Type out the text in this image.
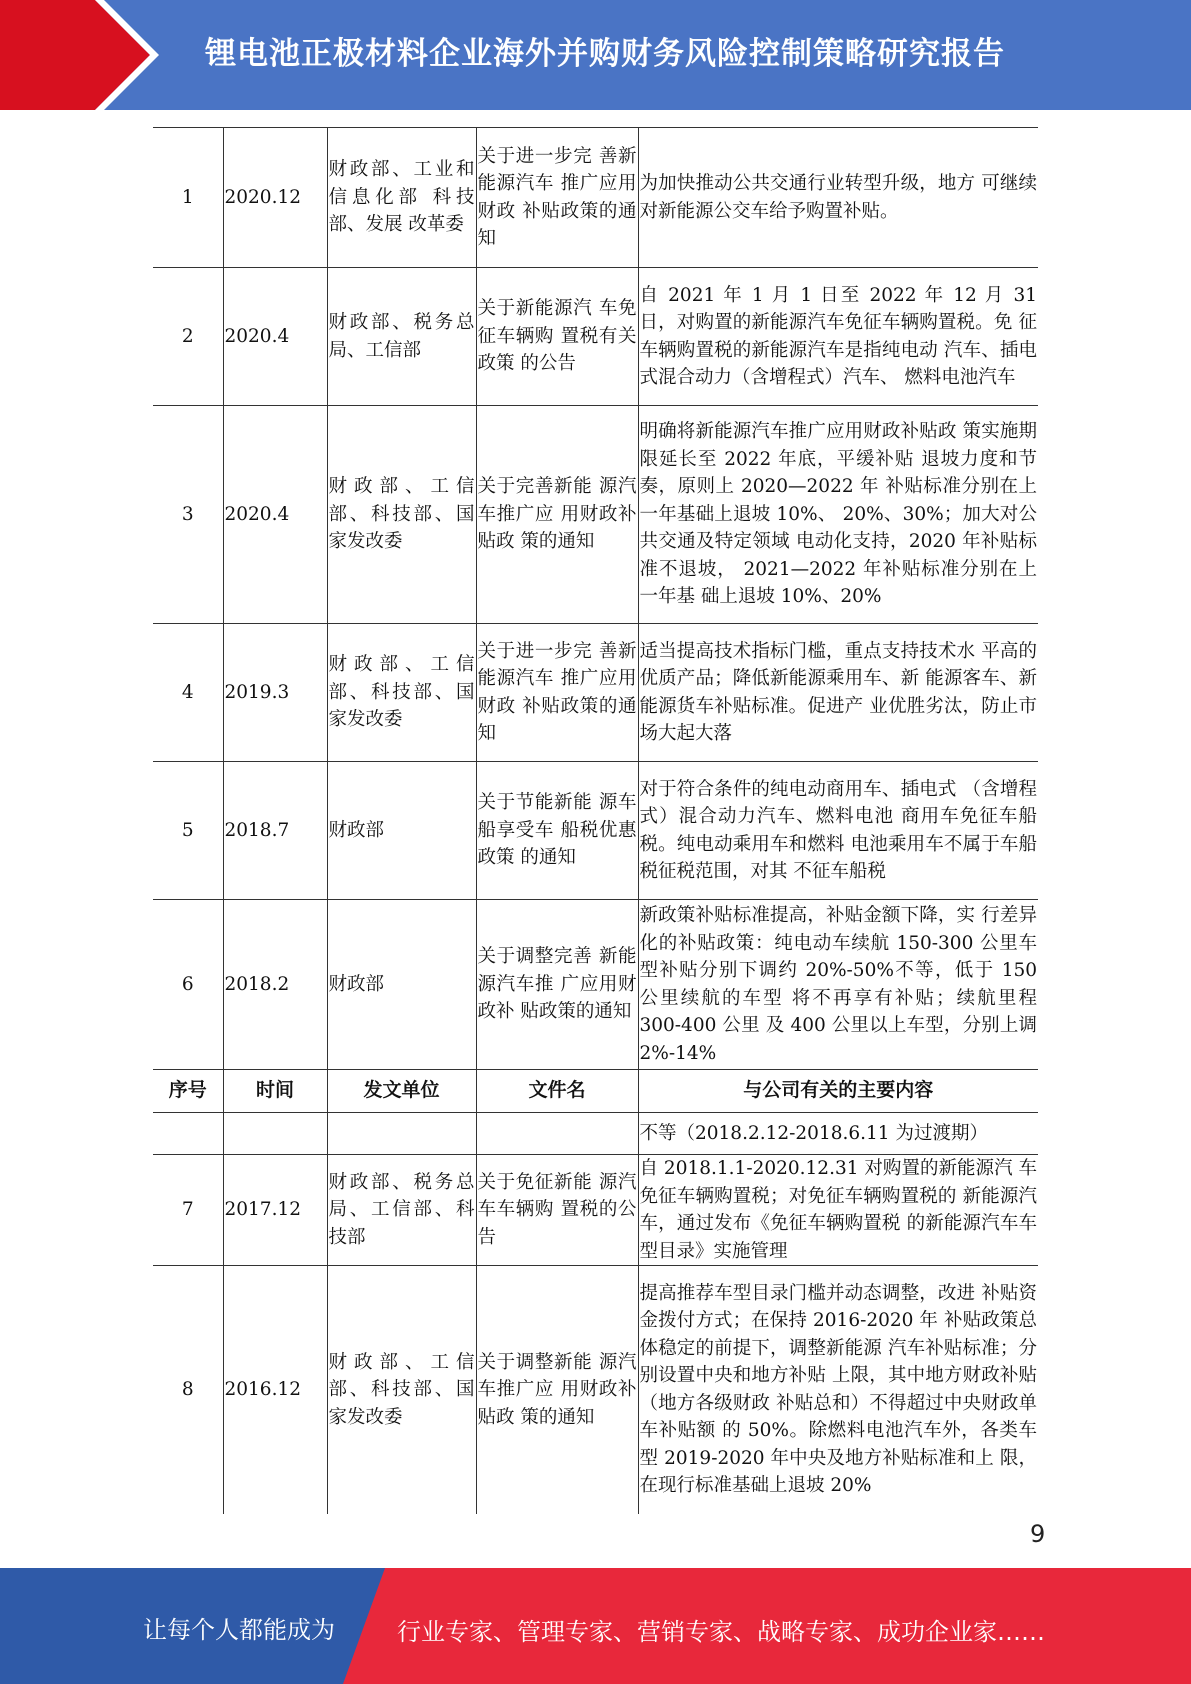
锂电池正极材料企业海外并购财务风险控制策略研究报告
1	2020.12	财政部、工业和信息化部 科技部、发展 改革委	关于进一步完 善新能源汽车 推广应用财政 补贴政策的通 知	为加快推动公共交通行业转型升级，地方 可继续对新能源公交车给予购置补贴。
2	2020.4	财政部、税务总局、工信部	关于新能源汽 车免征车辆购 置税有关政策 的公告	自 2021 年 1 月 1 日至 2022 年 12 月 31 日，对购置的新能源汽车免征车辆购置税。免 征车辆购置税的新能源汽车是指纯电动 汽车、插电式混合动力（含增程式）汽车、 燃料电池汽车
3	2020.4	财政部、工信部、科技部、国家发改委	关于完善新能 源汽车推广应 用财政补贴政 策的通知	明确将新能源汽车推广应用财政补贴政 策实施期限延长至 2022 年底，平缓补贴 退坡力度和节奏，原则上 2020—2022 年 补贴标准分别在上一年基础上退坡 10%、 20%、30%；加大对公共交通及特定领域 电动化支持，2020 年补贴标准不退坡， 2021—2022 年补贴标准分别在上一年基 础上退坡 10%、20%
4	2019.3	财政部、工信部、科技部、国家发改委	关于进一步完 善新能源汽车 推广应用财政 补贴政策的通 知	适当提高技术指标门槛，重点支持技术水 平高的优质产品；降低新能源乘用车、新 能源客车、新能源货车补贴标准。促进产 业优胜劣汰，防止市场大起大落
5	2018.7	财政部	关于节能新能 源车船享受车 船税优惠政策 的通知	对于符合条件的纯电动商用车、插电式 （含增程式）混合动力汽车、燃料电池 商用车免征车船税。纯电动乘用车和燃料 电池乘用车不属于车船税征税范围，对其 不征车船税
6	2018.2	财政部	关于调整完善 新能源汽车推 广应用财政补 贴政策的通知	新政策补贴标准提高，补贴金额下降，实 行差异化的补贴政策：纯电动车续航 150-300 公里车型补贴分别下调约 20%-50%不等，低于 150 公里续航的车型 将不再享有补贴；续航里程 300-400 公里 及 400 公里以上车型，分别上调 2%-14%
序号	时间	发文单位	文件名	与公司有关的主要内容
				不等（2018.2.12-2018.6.11 为过渡期）
7	2017.12	财政部、税务总局、工信部、科技部	关于免征新能 源汽车车辆购 置税的公告	自 2018.1.1-2020.12.31 对购置的新能源汽 车免征车辆购置税；对免征车辆购置税的 新能源汽车，通过发布《免征车辆购置税 的新能源汽车车型目录》实施管理
8	2016.12	财政部、工信部、科技部、国家发改委	关于调整新能 源汽车推广应 用财政补贴政 策的通知	提高推荐车型目录门槛并动态调整，改进 补贴资金拨付方式；在保持 2016-2020 年 补贴政策总体稳定的前提下，调整新能源 汽车补贴标准；分别设置中央和地方补贴 上限，其中地方财政补贴（地方各级财政 补贴总和）不得超过中央财政单车补贴额 的 50%。除燃料电池汽车外，各类车型 2019-2020 年中央及地方补贴标准和上 限，在现行标准基础上退坡 20%
9
让每个人都能成为	行业专家、管理专家、营销专家、战略专家、成功企业家……
